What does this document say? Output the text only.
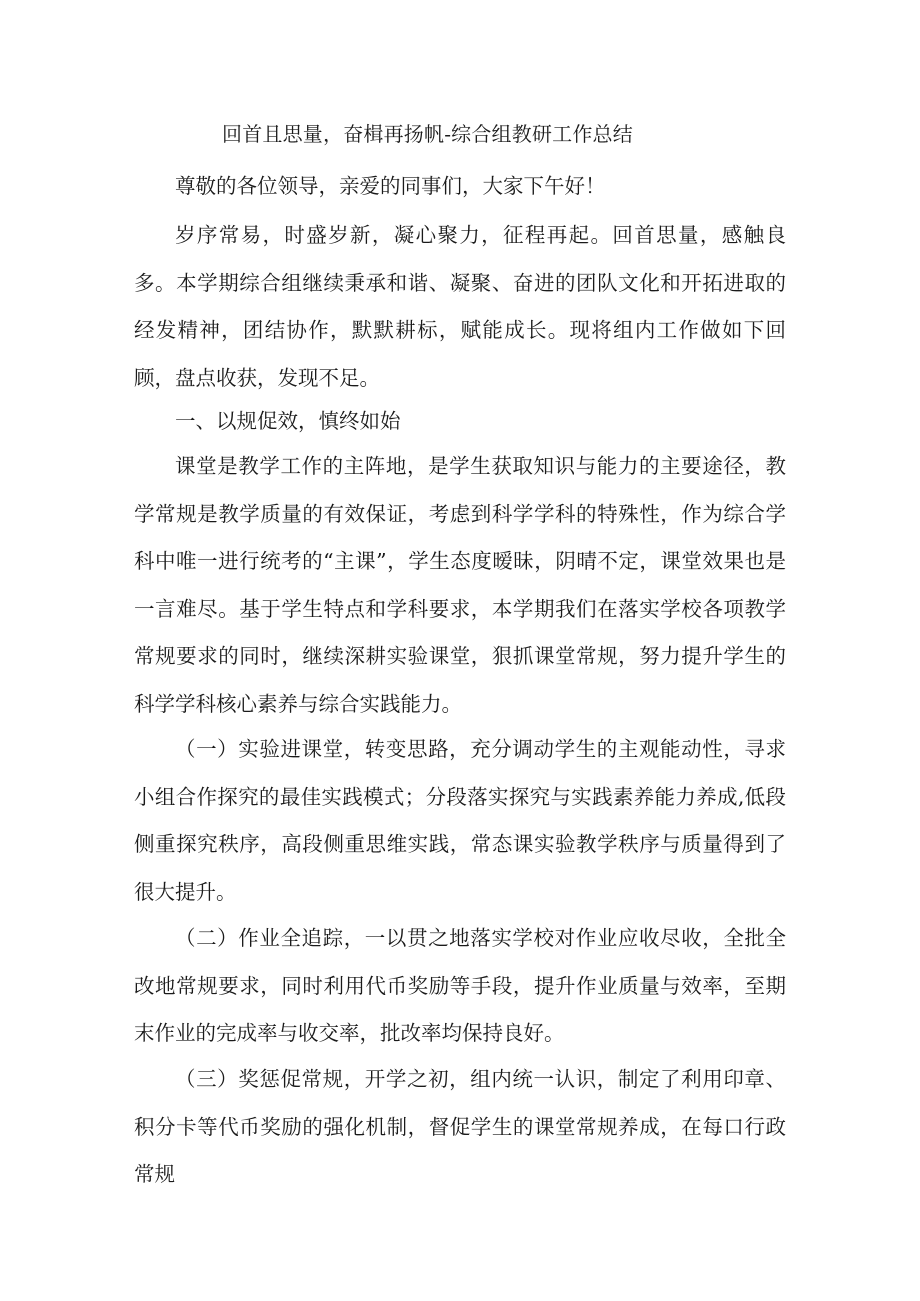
回首且思量，奋楫再扬帆-综合组教研工作总结

尊敬的各位领导，亲爱的同事们，大家下午好！

岁序常易，时盛岁新，凝心聚力，征程再起。回首思量，感触良多。本学期综合组继续秉承和谐、凝聚、奋进的团队文化和开拓进取的经发精神，团结协作，默默耕标，赋能成长。现将组内工作做如下回顾，盘点收获，发现不足。

一、以规促效，慎终如始

课堂是教学工作的主阵地，是学生获取知识与能力的主要途径，教学常规是教学质量的有效保证，考虑到科学学科的特殊性，作为综合学科中唯一进行统考的“主课”，学生态度暧昧，阴晴不定，课堂效果也是一言难尽。基于学生特点和学科要求，本学期我们在落实学校各项教学常规要求的同时，继续深耕实验课堂，狠抓课堂常规，努力提升学生的科学学科核心素养与综合实践能力。

（一）实验进课堂，转变思路，充分调动学生的主观能动性，寻求小组合作探究的最佳实践模式；分段落实探究与实践素养能力养成,低段侧重探究秩序，高段侧重思维实践，常态课实验教学秩序与质量得到了很大提升。

（二）作业全追踪，一以贯之地落实学校对作业应收尽收，全批全改地常规要求，同时利用代币奖励等手段，提升作业质量与效率，至期末作业的完成率与收交率，批改率均保持良好。

（三）奖惩促常规，开学之初，组内统一认识，制定了利用印章、积分卡等代币奖励的强化机制，督促学生的课堂常规养成，在每口行政常规
